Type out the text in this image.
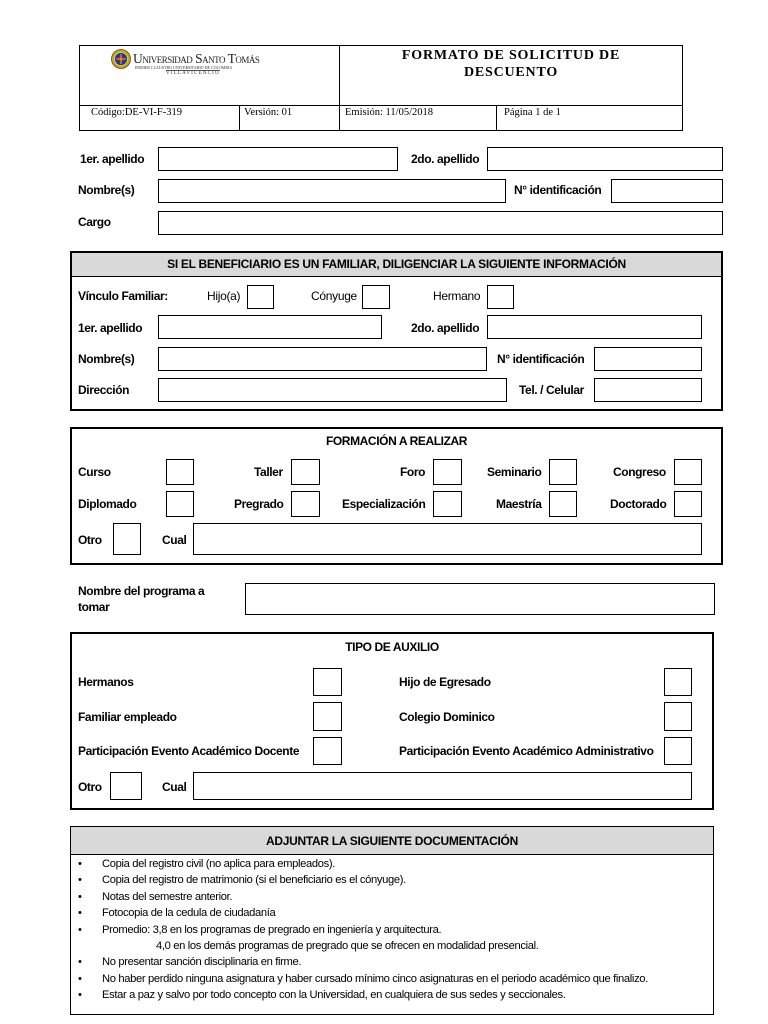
Universidad Santo Tomás
PRIMER CLAUSTRO UNIVERSITARIO DE COLOMBIA
VILLAVICENCIO
FORMATO DE SOLICITUD DE
DESCUENTO
Código:DE-VI-F-319	Versión: 01	Emisión: 11/05/2018	Página 1 de 1
1er. apellido	2do. apellido
Nombre(s)	N° identificación
Cargo
SI EL BENEFICIARIO ES UN FAMILIAR, DILIGENCIAR LA SIGUIENTE INFORMACIÓN
Vínculo Familiar:	Hijo(a)	Cónyuge	Hermano
1er. apellido	2do. apellido
Nombre(s)	N° identificación
Dirección	Tel. / Celular
FORMACIÓN A REALIZAR
Curso	Taller	Foro	Seminario	Congreso
Diplomado	Pregrado	Especialización	Maestría	Doctorado
Otro	Cual
Nombre del programa a
tomar
TIPO DE AUXILIO
Hermanos	Hijo de Egresado
Familiar empleado	Colegio Dominico
Participación Evento Académico Docente	Participación Evento Académico Administrativo
Otro	Cual
ADJUNTAR LA SIGUIENTE DOCUMENTACIÓN
• Copia del registro civil (no aplica para empleados).
• Copia del registro de matrimonio (si el beneficiario es el cónyuge).
• Notas del semestre anterior.
• Fotocopia de la cedula de ciudadanía
• Promedio: 3,8 en los programas de pregrado en ingeniería y arquitectura.
4,0 en los demás programas de pregrado que se ofrecen en modalidad presencial.
• No presentar sanción disciplinaria en firme.
• No haber perdido ninguna asignatura y haber cursado mínimo cinco asignaturas en el periodo académico que finalizo.
• Estar a paz y salvo por todo concepto con la Universidad, en cualquiera de sus sedes y seccionales.
